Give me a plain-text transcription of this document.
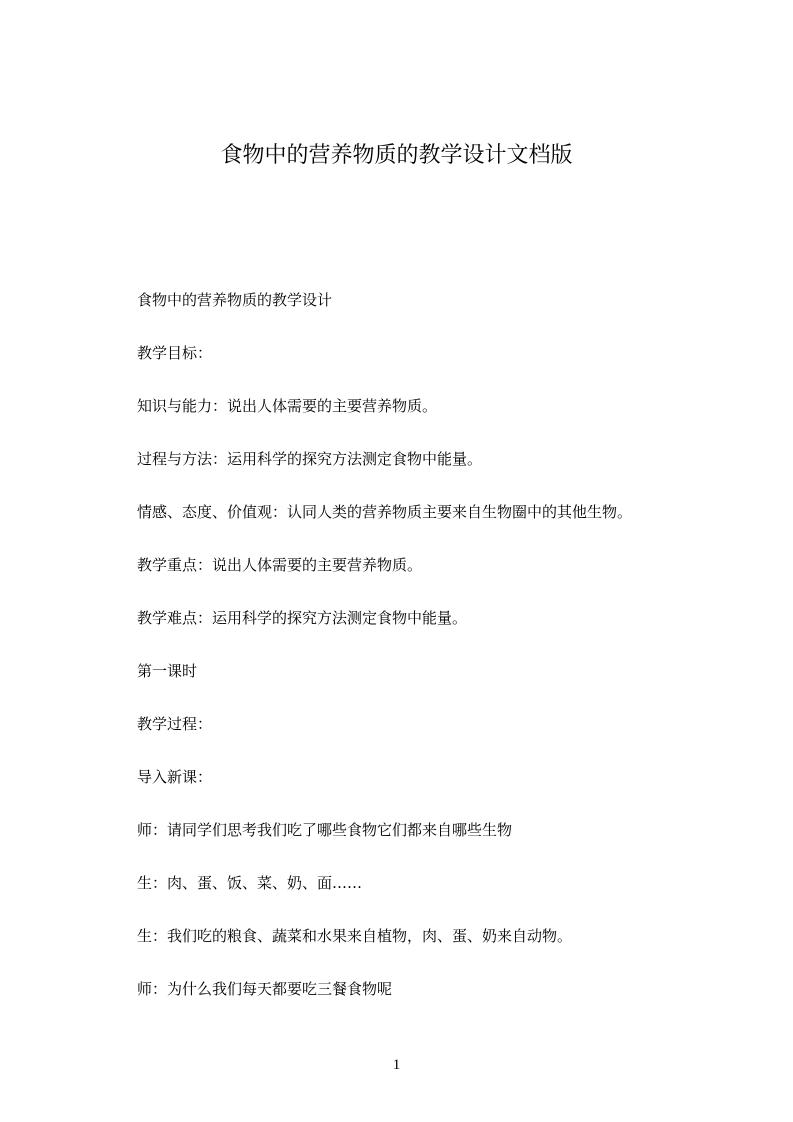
食物中的营养物质的教学设计文档版
食物中的营养物质的教学设计
教学目标：
知识与能力：说出人体需要的主要营养物质。
过程与方法：运用科学的探究方法测定食物中能量。
情感、态度、价值观：认同人类的营养物质主要来自生物圈中的其他生物。
教学重点：说出人体需要的主要营养物质。
教学难点：运用科学的探究方法测定食物中能量。
第一课时
教学过程：
导入新课：
师：请同学们思考我们吃了哪些食物它们都来自哪些生物
生：肉、蛋、饭、菜、奶、面……
生：我们吃的粮食、蔬菜和水果来自植物，肉、蛋、奶来自动物。
师：为什么我们每天都要吃三餐食物呢
1
